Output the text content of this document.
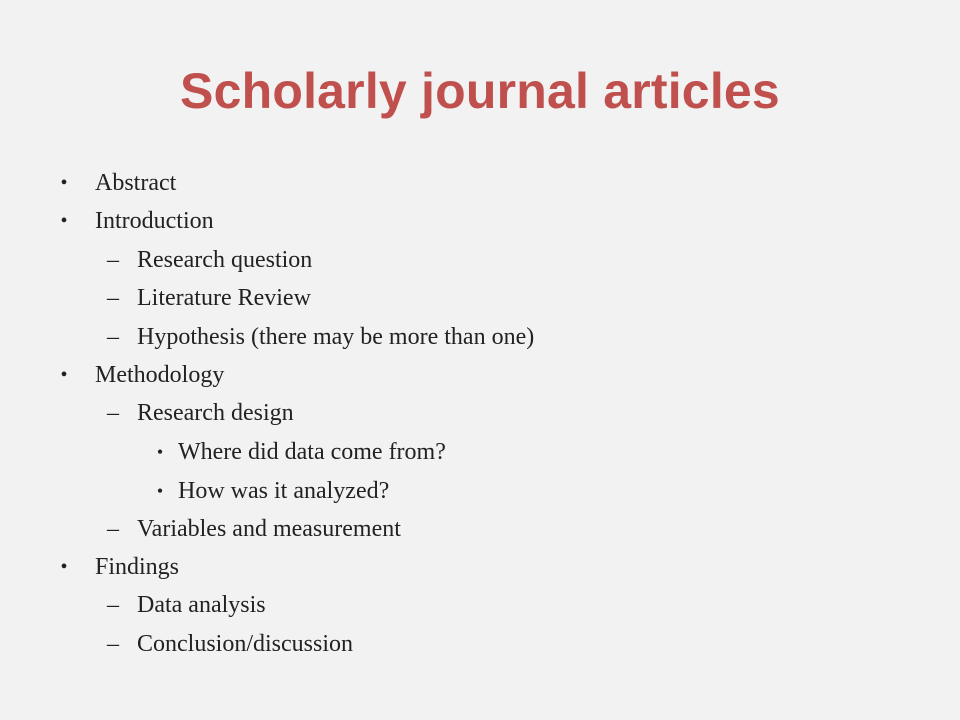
Scholarly journal articles
• Abstract
• Introduction
– Research question
– Literature Review
– Hypothesis (there may be more than one)
• Methodology
– Research design
• Where did data come from?
• How was it analyzed?
– Variables and measurement
• Findings
– Data analysis
– Conclusion/discussion
